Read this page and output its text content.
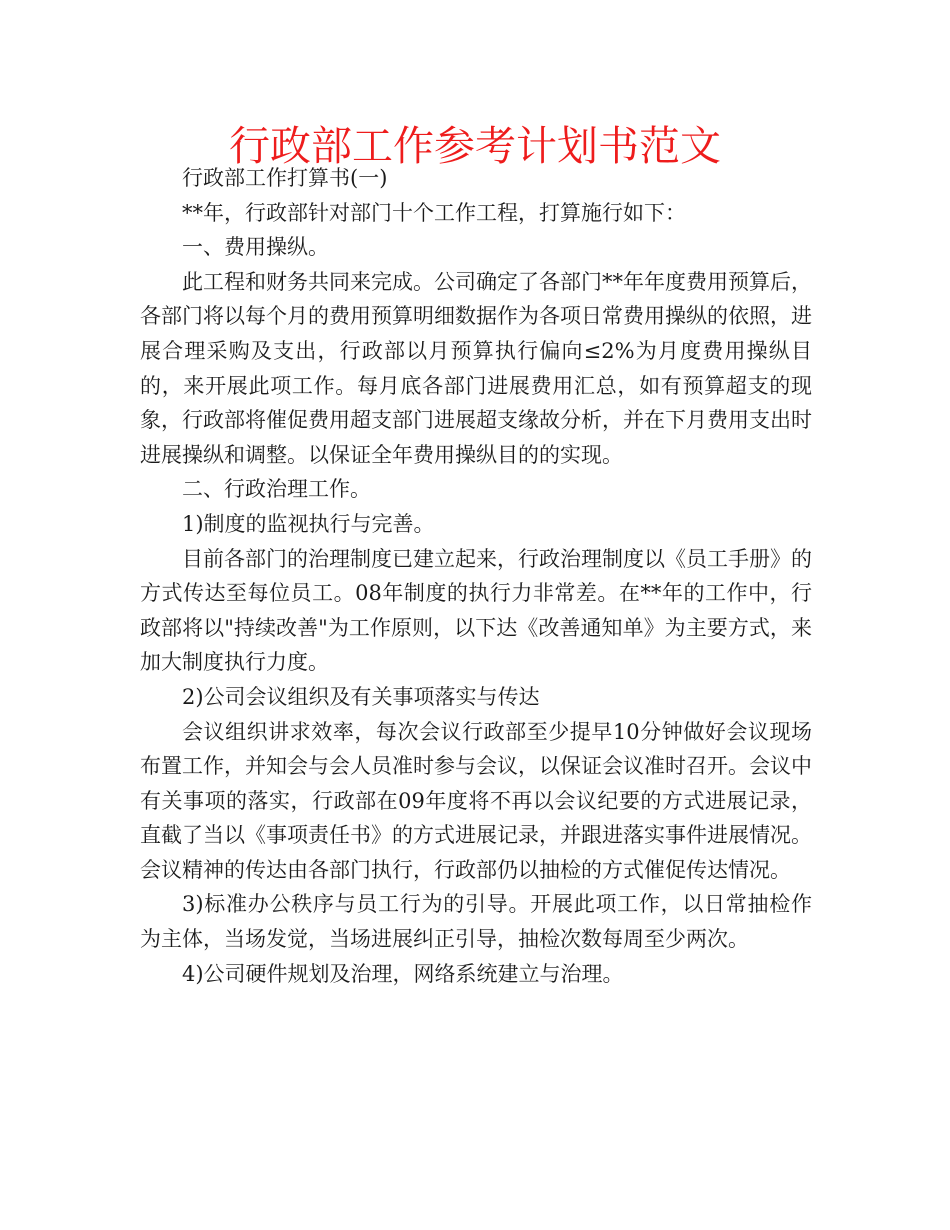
行政部工作参考计划书范文

行政部工作打算书(一)

**年，行政部针对部门十个工作工程，打算施行如下：

一、费用操纵。

此工程和财务共同来完成。公司确定了各部门**年年度费用预算后，各部门将以每个月的费用预算明细数据作为各项日常费用操纵的依照，进展合理采购及支出，行政部以月预算执行偏向≤2%为月度费用操纵目的，来开展此项工作。每月底各部门进展费用汇总，如有预算超支的现象，行政部将催促费用超支部门进展超支缘故分析，并在下月费用支出时进展操纵和调整。以保证全年费用操纵目的的实现。

二、行政治理工作。

1)制度的监视执行与完善。

目前各部门的治理制度已建立起来，行政治理制度以《员工手册》的方式传达至每位员工。08年制度的执行力非常差。在**年的工作中，行政部将以"持续改善"为工作原则，以下达《改善通知单》为主要方式，来加大制度执行力度。

2)公司会议组织及有关事项落实与传达

会议组织讲求效率，每次会议行政部至少提早10分钟做好会议现场布置工作，并知会与会人员准时参与会议，以保证会议准时召开。会议中有关事项的落实，行政部在09年度将不再以会议纪要的方式进展记录，直截了当以《事项责任书》的方式进展记录，并跟进落实事件进展情况。会议精神的传达由各部门执行，行政部仍以抽检的方式催促传达情况。

3)标准办公秩序与员工行为的引导。开展此项工作，以日常抽检作为主体，当场发觉，当场进展纠正引导，抽检次数每周至少两次。

4)公司硬件规划及治理，网络系统建立与治理。
